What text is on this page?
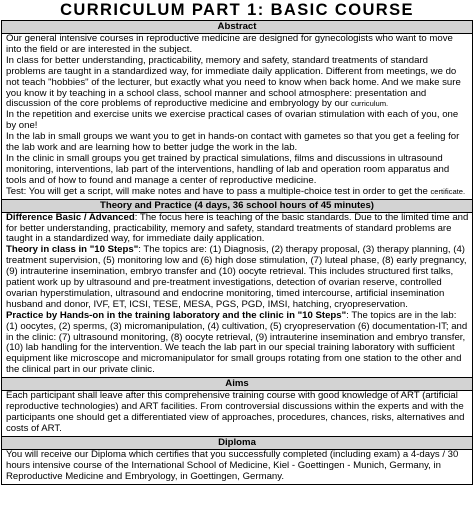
CURRICULUM PART 1: BASIC COURSE
Abstract

Our general intensive courses in reproductive medicine are designed for gynecologists who want to move into the field or are interested in the subject.

In class for better understanding, practicability, memory and safety, standard treatments of standard problems are taught in a standardized way, for immediate daily application. Different from meetings, we do not teach "hobbies" of the lecturer, but exactly what you need to know when back home. And we make sure you know it by teaching in a school class, school manner and school atmosphere: presentation and discussion of the core problems of reproductive medicine and embryology by our curriculum.

In the repetition and exercise units we exercise practical cases of ovarian stimulation with each of you, one by one!

In the lab in small groups we want you to get in hands-on contact with gametes so that you get a feeling for the lab work and are learning how to better judge the work in the lab.

In the clinic in small groups you get trained by practical simulations, films and discussions in ultrasound monitoring, interventions, lab part of the interventions, handling of lab and operation room apparatus and tools and of how to found and manage a center of reproductive medicine.

Test: You will get a script, will make notes and have to pass a multiple-choice test in order to get the certificate.

Theory and Practice (4 days, 36 school hours of 45 minutes)

Difference Basic / Advanced: The focus here is teaching of the basic standards. Due to the limited time and for better understanding, practicability, memory and safety, standard treatments of standard problems are taught in a standardized way, for immediate daily application.

Theory in class in "10 Steps": The topics are: (1) Diagnosis, (2) therapy proposal, (3) therapy planning, (4) treatment supervision, (5) monitoring low and (6) high dose stimulation, (7) luteal phase, (8) early pregnancy, (9) intrauterine insemination, embryo transfer and (10) oocyte retrieval. This includes structured first talks, patient work up by ultrasound and pre-treatment investigations, detection of ovarian reserve, controlled ovarian hyperstimulation, ultrasound and endocrine monitoring, timed intercourse, artificial insemination husband and donor, IVF, ET, ICSI, TESE, MESA, PGS, PGD, IMSI, hatching, cryopreservation.

Practice by Hands-on in the training laboratory and the clinic in "10 Steps": The topics are in the lab: (1) oocytes, (2) sperms, (3) micromanipulation, (4) cultivation, (5) cryopreservation (6) documentation-IT; and in the clinic: (7) ultrasound monitoring, (8) oocyte retrieval, (9) intrauterine insemination and embryo transfer, (10) lab handling for the intervention. We teach the lab part in our special training laboratory with sufficient equipment like microscope and micromanipulator for small groups rotating from one station to the other and the clinical part in our private clinic.

Aims

Each participant shall leave after this comprehensive training course with good knowledge of ART (artificial reproductive technologies) and ART facilities. From controversial discussions within the experts and with the participants one should get a differentiated view of approaches, procedures, chances, risks, alternatives and costs of ART.

Diploma

You will receive our Diploma which certifies that you successfully completed (including exam) a 4-days / 30 hours intensive course of the International School of Medicine, Kiel - Goettingen - Munich, Germany, in Reproductive Medicine and Embryology, in Goettingen, Germany.
